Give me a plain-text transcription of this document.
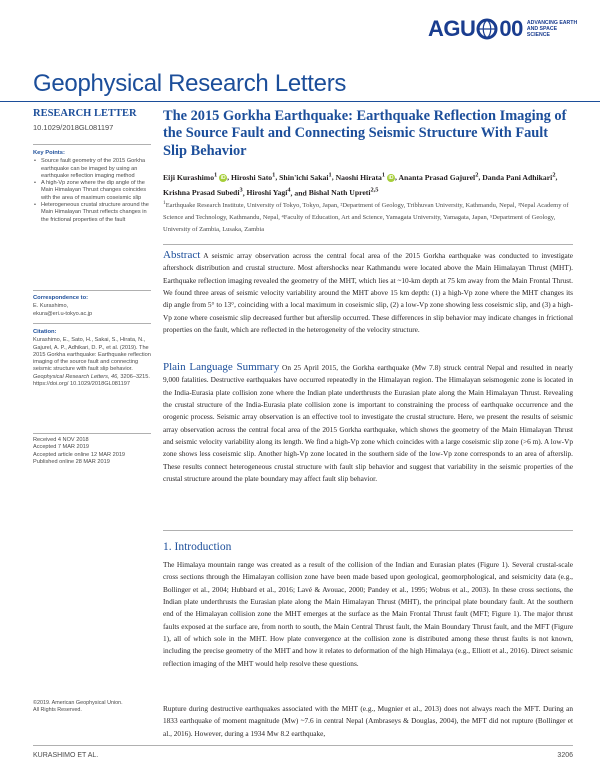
AGU 00 ADVANCING EARTH AND SPACE SCIENCE
Geophysical Research Letters
RESEARCH LETTER
10.1029/2018GL081197
Key Points:
• Source fault geometry of the 2015 Gorkha earthquake can be imaged by using an earthquake reflection imaging method
• A high-Vp zone where the dip angle of the Main Himalayan Thrust changes coincides with the area of maximum coseismic slip
• Heterogeneous crustal structure around the Main Himalayan Thrust reflects changes in the frictional properties of the fault
Correspondence to:
E. Kurashimo,
ekura@eri.u-tokyo.ac.jp
Citation:
Kurashimo, E., Sato, H., Sakai, S., Hirata, N., Gajurel, A. P., Adhikari, D. P., et al. (2019). The 2015 Gorkha earthquake: Earthquake reflection imaging of the source fault and connecting seismic structure with fault slip behavior. Geophysical Research Letters, 46, 3206–3215. https://doi.org/ 10.1029/2018GL081197
Received 4 NOV 2018
Accepted 7 MAR 2019
Accepted article online 12 MAR 2019
Published online 28 MAR 2019
©2019. American Geophysical Union.
All Rights Reserved.
The 2015 Gorkha Earthquake: Earthquake Reflection Imaging of the Source Fault and Connecting Seismic Structure With Fault Slip Behavior
Eiji Kurashimo$^1$ iD , Hiroshi Sato$^1$, Shin'ichi Sakai$^1$, Naoshi Hirata$^1$ iD , Ananta Prasad Gajurel$^2$, Danda Pani Adhikari$^2$, Krishna Prasad Subedi$^3$, Hiroshi Yagi$^4$, and Bishal Nath Upreti$^{2,5}$
$^1$Earthquake Research Institute, University of Tokyo, Tokyo, Japan, ²Department of Geology, Tribhuvan University, Kathmandu, Nepal, ³Nepal Academy of Science and Technology, Kathmandu, Nepal, ⁴Faculty of Education, Art and Science, Yamagata University, Yamagata, Japan, ⁵Department of Geology, University of Zambia, Lusaka, Zambia
Abstract A seismic array observation across the central focal area of the 2015 Gorkha earthquake was conducted to investigate aftershock distribution and crustal structure. Most aftershocks near Kathmandu were located above the Main Himalayan Thrust (MHT). Earthquake reflection imaging revealed the geometry of the MHT, which lies at ~10-km depth at 75 km away from the Main Frontal Thrust. We found three areas of seismic velocity variability around the MHT above 15 km depth: (1) a high-Vp zone where the MHT changes its dip angle from 5° to 13°, coinciding with a local maximum in coseismic slip, (2) a low-Vp zone showing less coseismic slip, and (3) a high-Vp zone where coseismic slip decreased further but afterslip occurred. These differences in slip behavior may indicate changes in frictional properties on the fault, which are reflected in the heterogeneity of the velocity structure.
Plain Language Summary On 25 April 2015, the Gorkha earthquake (Mw 7.8) struck central Nepal and resulted in nearly 9,000 fatalities. Destructive earthquakes have occurred repeatedly in the Himalayan region. The Himalayan seismogenic zone is located in the India-Eurasia plate collision zone where the Indian plate underthrusts the Eurasian plate along the Main Himalayan Thrust. Revealing the crustal structure of the India-Eurasia plate collision zone is important to constraining the process of earthquake occurrence and the orogenic process. Seismic array observation is an effective tool to investigate the crustal structure. Here, we present the results of seismic array observation across the central focal area of the 2015 Gorkha earthquake, which shows the geometry of the Main Himalayan Thrust and seismic velocity variability along its length. We find a high-Vp zone which coincides with a large coseismic slip zone (>6 m). A low-Vp zone shows less coseismic slip. Another high-Vp zone located in the southern side of the low-Vp zone corresponds to an area of afterslip. These results connect heterogeneous crustal structure with fault slip behavior and suggest that variability in the seismic properties of the crustal structure around the plate boundary may affect fault slip behavior.
1. Introduction
The Himalaya mountain range was created as a result of the collision of the Indian and Eurasian plates (Figure 1). Several crustal-scale cross sections through the Himalayan collision zone have been made based upon geological, geomorphological, and seismicity data (e.g., Bollinger et al., 2004; Hubbard et al., 2016; Lavé & Avouac, 2000; Pandey et al., 1995; Wobus et al., 2003). In these cross sections, the Indian plate underthrusts the Eurasian plate along the Main Himalayan Thrust (MHT), the principal plate boundary fault. At the southern end of the Himalayan collision zone the MHT emerges at the surface as the Main Frontal Thrust fault (MFT; Figure 1). The major thrust faults exposed at the surface are, from north to south, the Main Central Thrust fault, the Main Boundary Thrust fault, and the MFT (Figure 1), all of which sole in the MHT. How plate convergence at the collision zone is distributed among these thrust faults is not known, including the precise geometry of the MHT and how it relates to deformation of the high Himalaya (e.g., Elliott et al., 2016). Direct seismic reflection imaging of the MHT would help resolve these questions.
Rupture during destructive earthquakes associated with the MHT (e.g., Mugnier et al., 2013) does not always reach the MFT. During an 1833 earthquake of moment magnitude (Mw) ~7.6 in central Nepal (Ambraseys & Douglas, 2004), the MFT did not rupture (Bollinger et al., 2016). However, during a 1934 Mw 8.2 earthquake,
KURASHIMO ET AL.	3206
